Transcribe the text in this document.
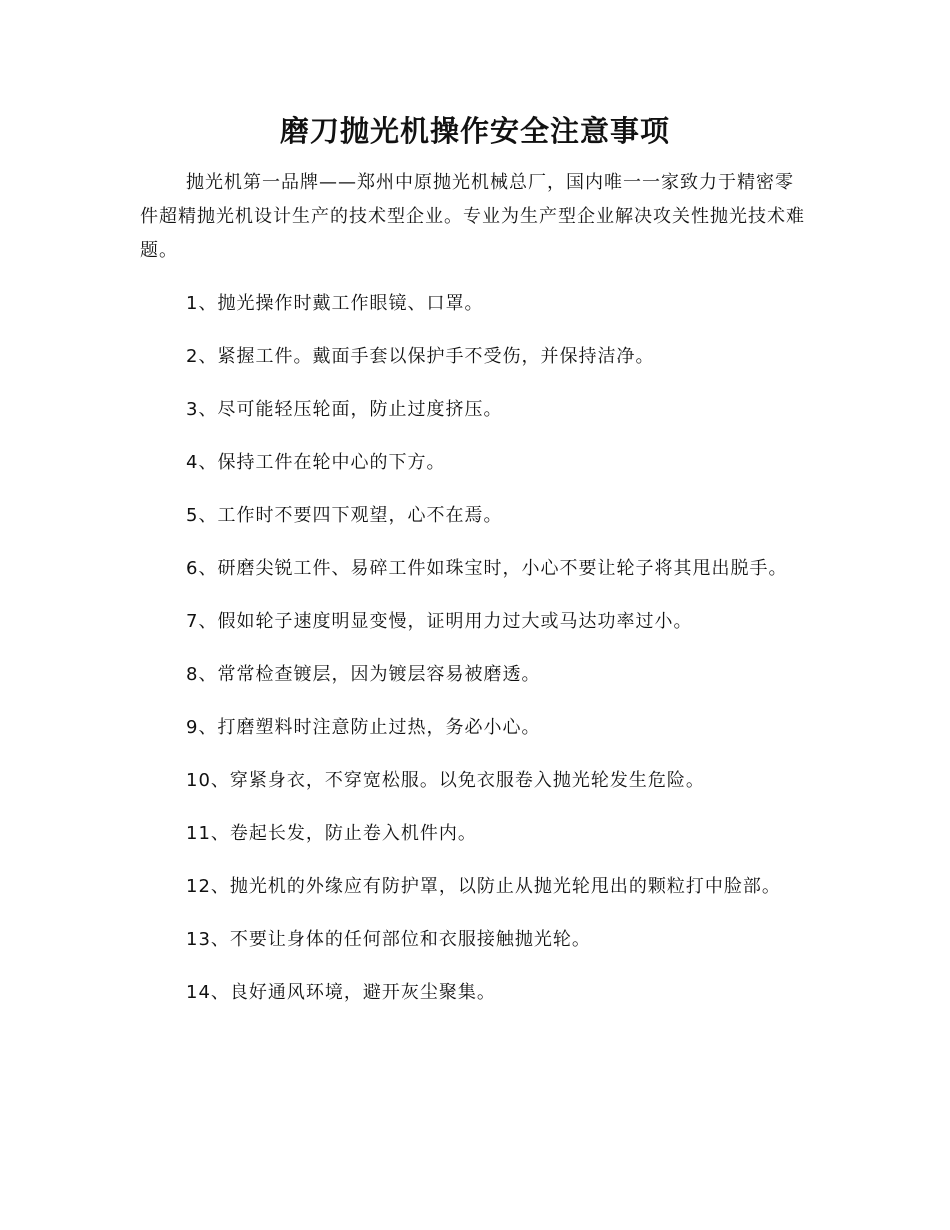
磨刀抛光机操作安全注意事项

抛光机第一品牌——郑州中原抛光机械总厂，国内唯一一家致力于精密零件超精抛光机设计生产的技术型企业。专业为生产型企业解决攻关性抛光技术难题。

1、抛光操作时戴工作眼镜、口罩。
2、紧握工件。戴面手套以保护手不受伤，并保持洁净。
3、尽可能轻压轮面，防止过度挤压。
4、保持工件在轮中心的下方。
5、工作时不要四下观望，心不在焉。
6、研磨尖锐工件、易碎工件如珠宝时，小心不要让轮子将其甩出脱手。
7、假如轮子速度明显变慢，证明用力过大或马达功率过小。
8、常常检查镀层，因为镀层容易被磨透。
9、打磨塑料时注意防止过热，务必小心。
10、穿紧身衣，不穿宽松服。以免衣服卷入抛光轮发生危险。
11、卷起长发，防止卷入机件内。
12、抛光机的外缘应有防护罩，以防止从抛光轮甩出的颗粒打中脸部。
13、不要让身体的任何部位和衣服接触抛光轮。
14、良好通风环境，避开灰尘聚集。
